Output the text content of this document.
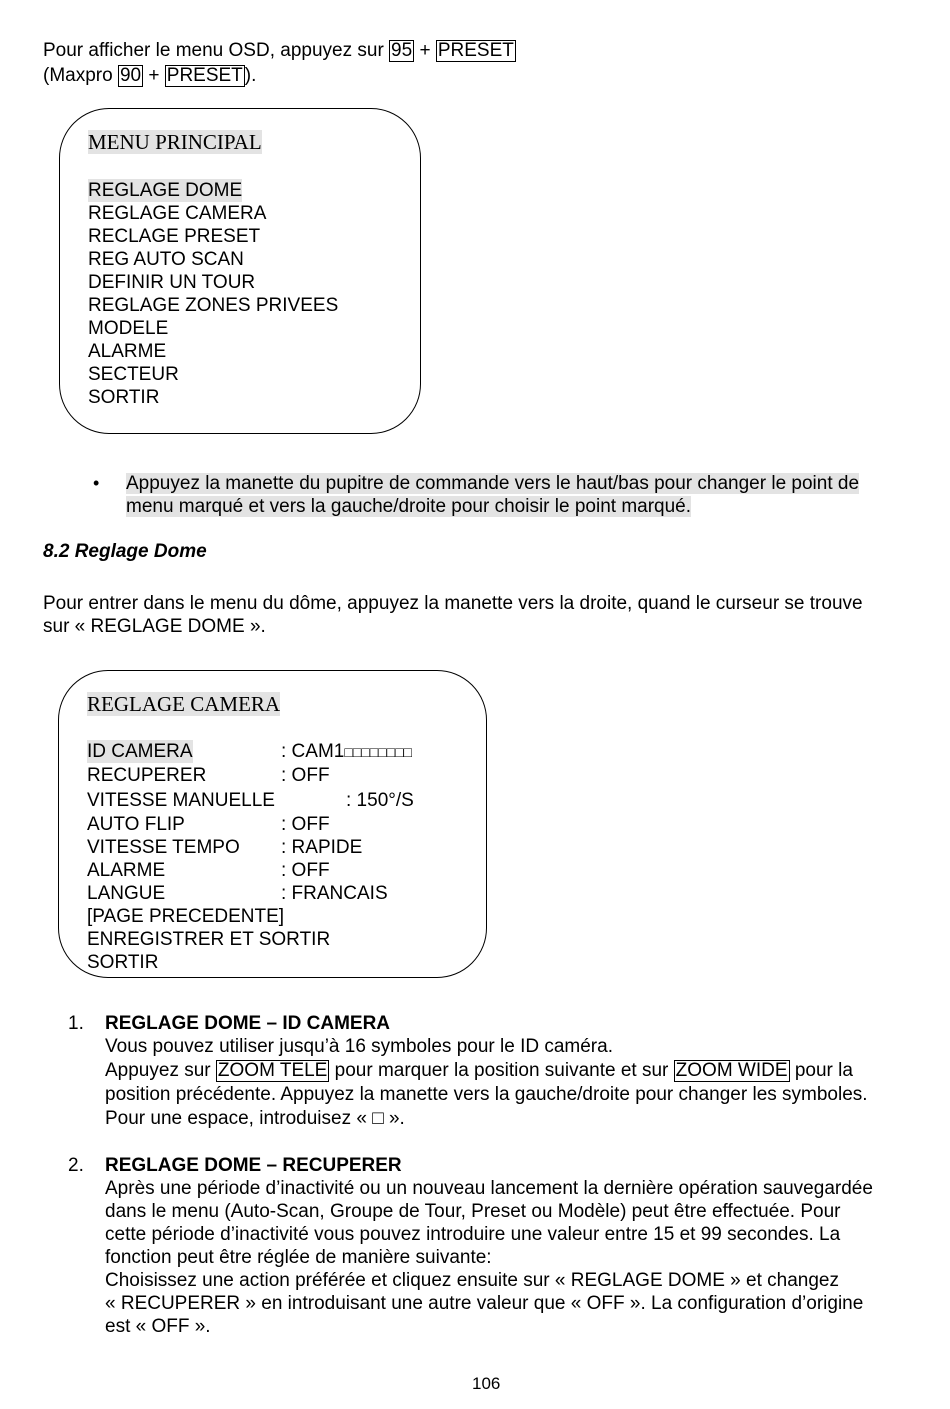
Pour afficher le menu OSD, appuyez sur 95 + PRESET
(Maxpro 90 + PRESET ).
MENU PRINCIPAL
REGLAGE DOME
REGLAGE CAMERA
RECLAGE PRESET
REG AUTO SCAN
DEFINIR UN TOUR
REGLAGE ZONES PRIVEES
MODELE
ALARME
SECTEUR
SORTIR
• Appuyez la manette du pupitre de commande vers le haut/bas pour changer le point de
menu marqué et vers la gauche/droite pour choisir le point marqué.
8.2 Reglage Dome
Pour entrer dans le menu du dôme, appuyez la manette vers la droite, quand le curseur se trouve
sur « REGLAGE DOME ».
REGLAGE CAMERA
ID CAMERA	: CAM1□□□□□□□□
RECUPERER	: OFF
VITESSE MANUELLE	: 150°/S
AUTO FLIP	: OFF
VITESSE TEMPO : RAPIDE
ALARME	: OFF
LANGUE	: FRANCAIS
[PAGE PRECEDENTE]
ENREGISTRER ET SORTIR
SORTIR
1. REGLAGE DOME – ID CAMERA
Vous pouvez utiliser jusqu’à 16 symboles pour le ID caméra.
Appuyez sur ZOOM TELE pour marquer la position suivante et sur ZOOM WIDE pour la
position précédente. Appuyez la manette vers la gauche/droite pour changer les symboles.
Pour une espace, introduisez « □ ».
2. REGLAGE DOME – RECUPERER
Après une période d’inactivité ou un nouveau lancement la dernière opération sauvegardée
dans le menu (Auto-Scan, Groupe de Tour, Preset ou Modèle) peut être effectuée. Pour
cette période d’inactivité vous pouvez introduire une valeur entre 15 et 99 secondes. La
fonction peut être réglée de manière suivante:
Choisissez une action préférée et cliquez ensuite sur « REGLAGE DOME » et changez
« RECUPERER » en introduisant une autre valeur que « OFF ». La configuration d’origine
est « OFF ».
106
